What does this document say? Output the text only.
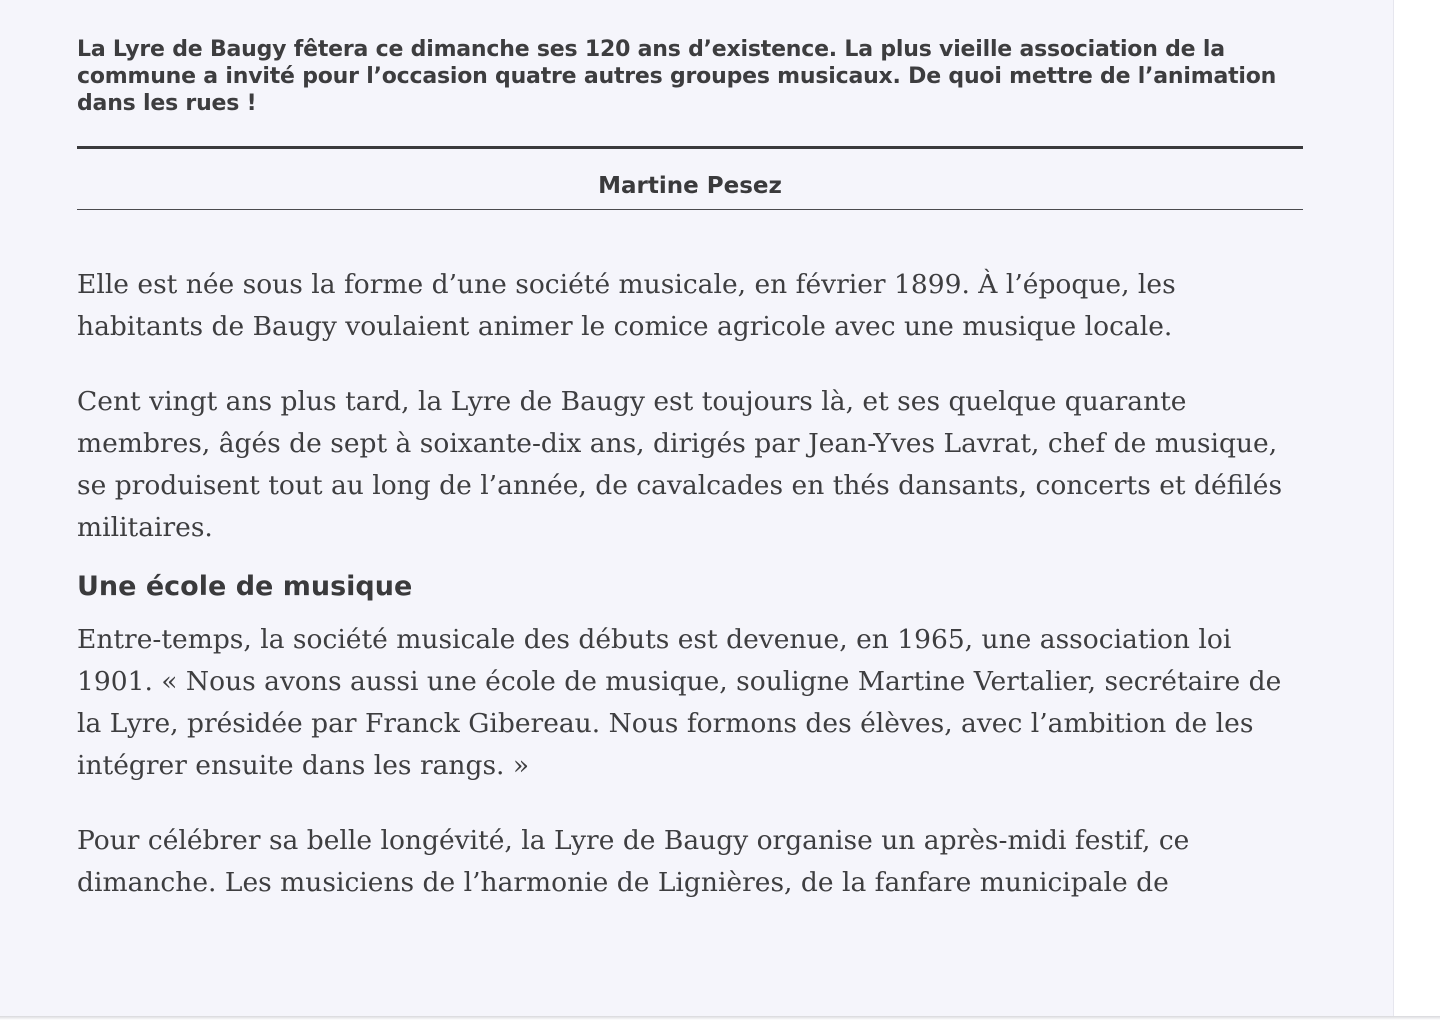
La Lyre de Baugy fêtera ce dimanche ses 120 ans d’existence. La plus vieille association de la commune a invité pour l’occasion quatre autres groupes musicaux. De quoi mettre de l’animation dans les rues !

Martine Pesez

Elle est née sous la forme d’une société musicale, en février 1899. À l’époque, les habitants de Baugy voulaient animer le comice agricole avec une musique locale.

Cent vingt ans plus tard, la Lyre de Baugy est toujours là, et ses quelque quarante membres, âgés de sept à soixante-dix ans, dirigés par Jean-Yves Lavrat, chef de musique, se produisent tout au long de l’année, de cavalcades en thés dansants, concerts et défilés militaires.

Une école de musique

Entre-temps, la société musicale des débuts est devenue, en 1965, une association loi 1901. « Nous avons aussi une école de musique, souligne Martine Vertalier, secrétaire de la Lyre, présidée par Franck Gibereau. Nous formons des élèves, avec l’ambition de les intégrer ensuite dans les rangs. »

Pour célébrer sa belle longévité, la Lyre de Baugy organise un après-midi festif, ce dimanche. Les musiciens de l’harmonie de Lignières, de la fanfare municipale de
